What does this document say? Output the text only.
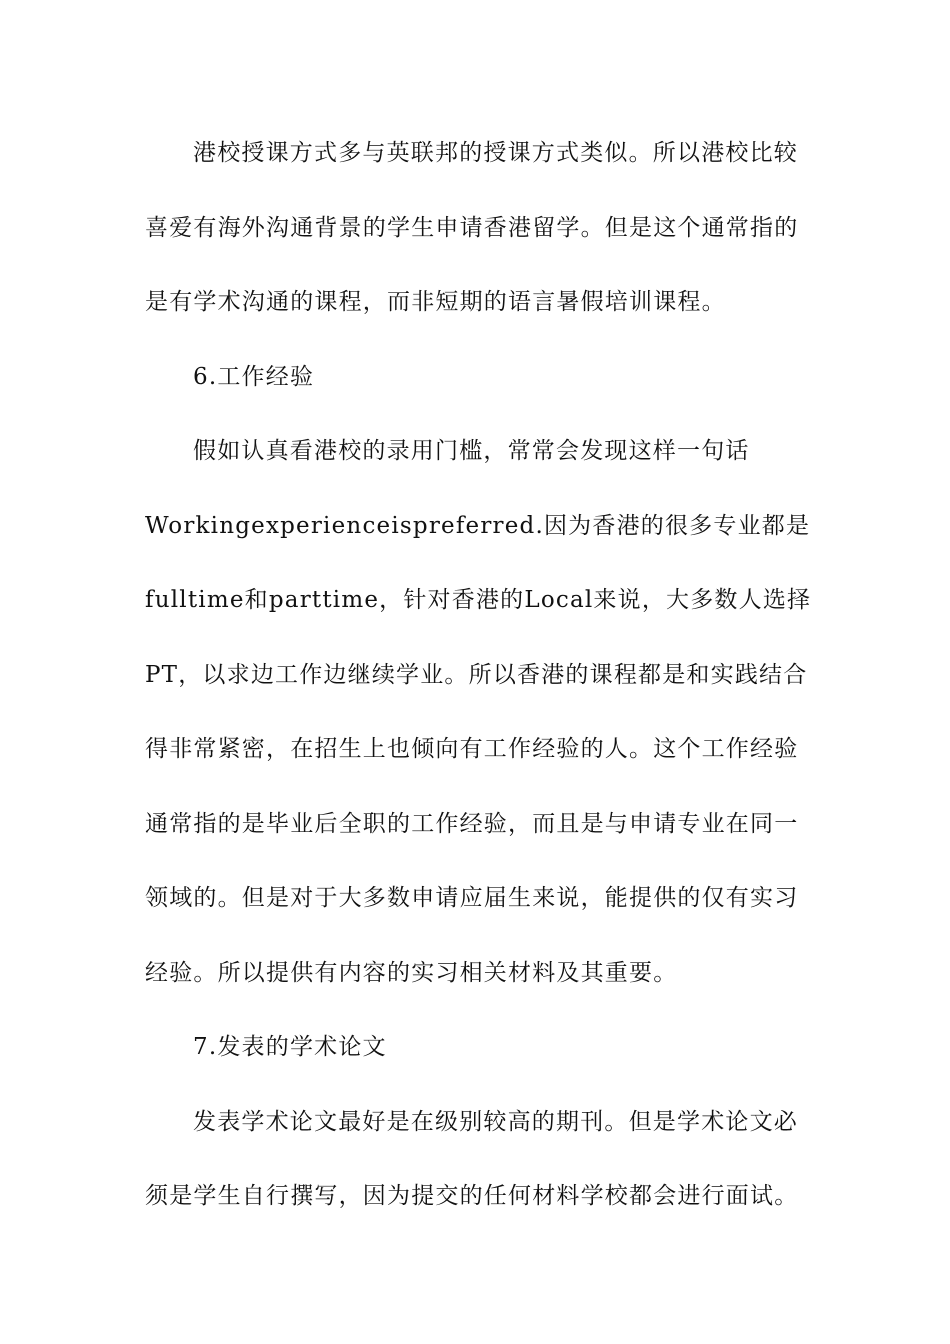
港校授课方式多与英联邦的授课方式类似。所以港校比较
喜爱有海外沟通背景的学生申请香港留学。但是这个通常指的
是有学术沟通的课程，而非短期的语言暑假培训课程。
6.工作经验
假如认真看港校的录用门槛，常常会发现这样一句话
Workingexperienceispreferred.因为香港的很多专业都是
fulltime和parttime，针对香港的Local来说，大多数人选择
PT，以求边工作边继续学业。所以香港的课程都是和实践结合
得非常紧密，在招生上也倾向有工作经验的人。这个工作经验
通常指的是毕业后全职的工作经验，而且是与申请专业在同一
领域的。但是对于大多数申请应届生来说，能提供的仅有实习
经验。所以提供有内容的实习相关材料及其重要。
7.发表的学术论文
发表学术论文最好是在级别较高的期刊。但是学术论文必
须是学生自行撰写，因为提交的任何材料学校都会进行面试。
